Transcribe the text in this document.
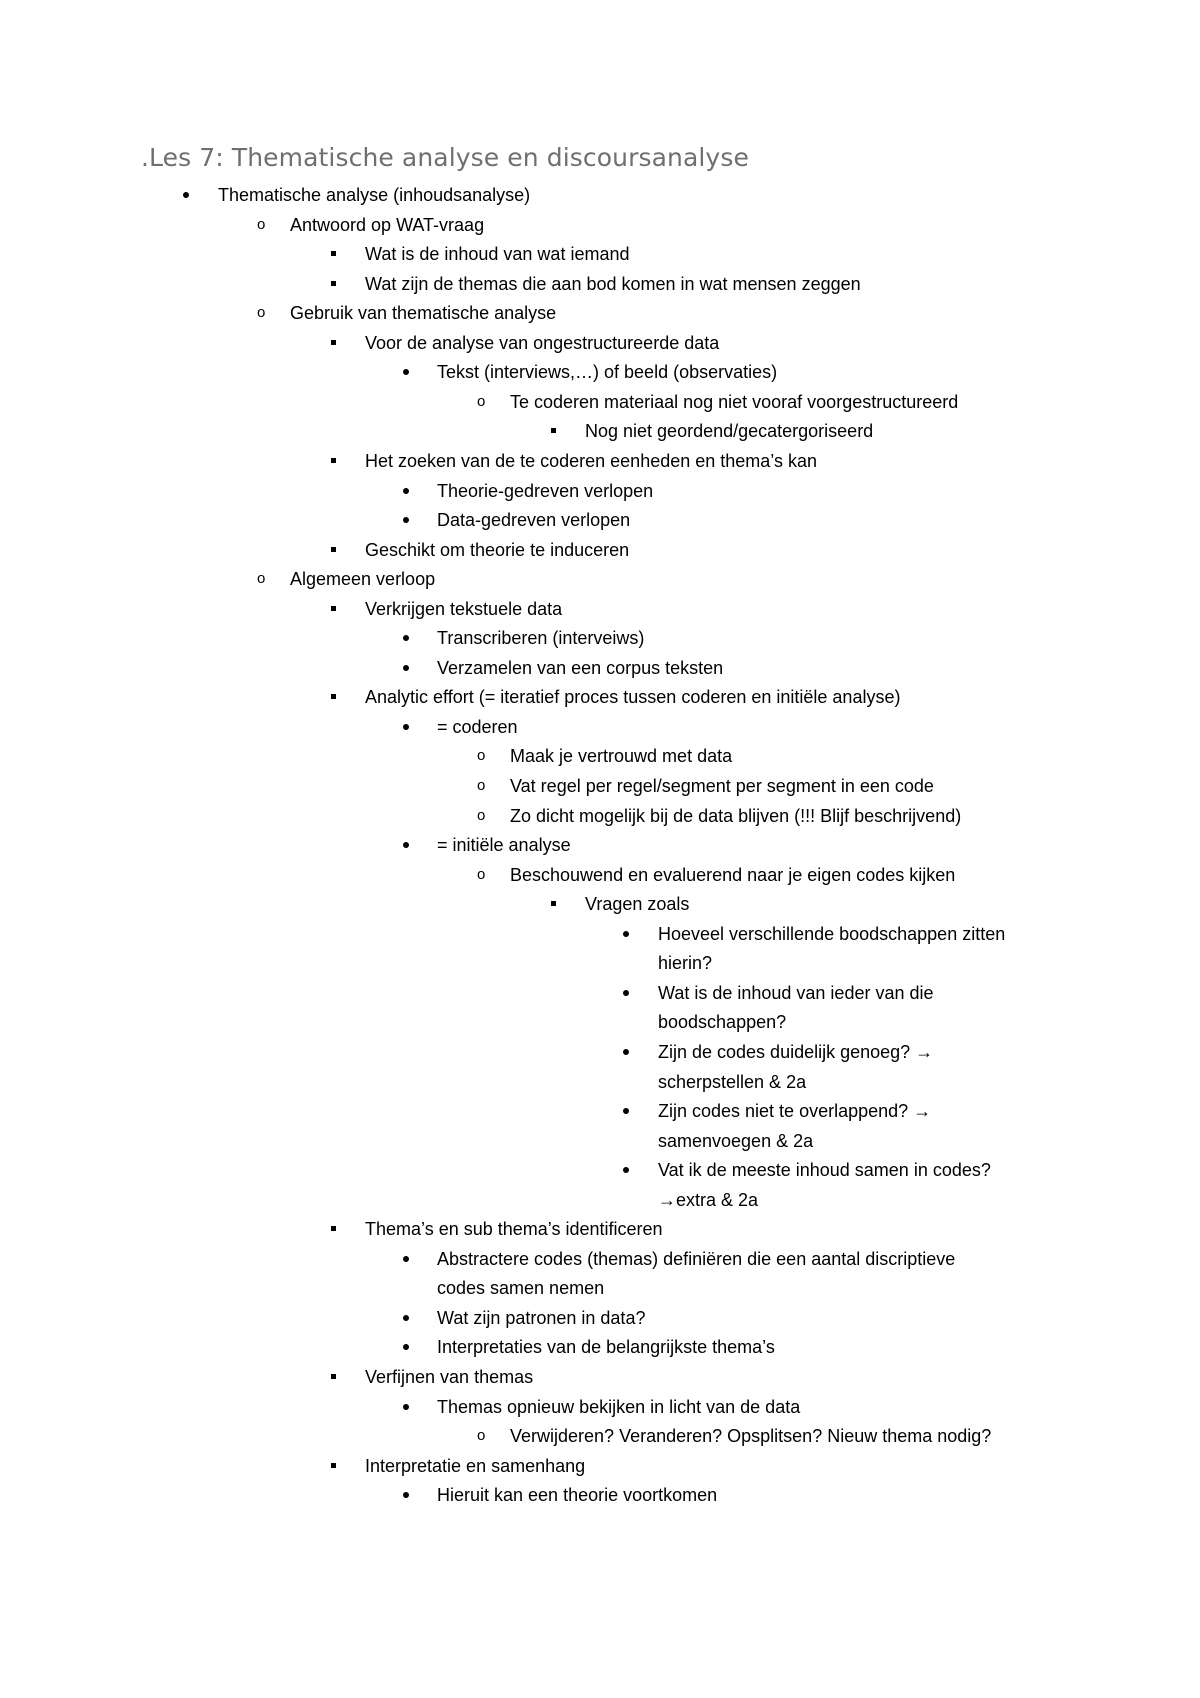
.Les 7: Thematische analyse en discoursanalyse
Thematische analyse (inhoudsanalyse)
o
Antwoord op WAT-vraag
Wat is de inhoud van wat iemand
Wat zijn de themas die aan bod komen in wat mensen zeggen
o
Gebruik van thematische analyse
Voor de analyse van ongestructureerde data
Tekst (interviews,…) of beeld (observaties)
o
Te coderen materiaal nog niet vooraf voorgestructureerd
Nog niet geordend/gecatergoriseerd
Het zoeken van de te coderen eenheden en thema’s kan
Theorie-gedreven verlopen
Data-gedreven verlopen
Geschikt om theorie te induceren
o
Algemeen verloop
Verkrijgen tekstuele data
Transcriberen (interveiws)
Verzamelen van een corpus teksten
Analytic effort (= iteratief proces tussen coderen en initiële analyse)
= coderen
o
Maak je vertrouwd met data
o
Vat regel per regel/segment per segment in een code
o
Zo dicht mogelijk bij de data blijven (!!! Blijf beschrijvend)
= initiële analyse
o
Beschouwend en evaluerend naar je eigen codes kijken
Vragen zoals
Hoeveel verschillende boodschappen zitten
hierin?
Wat is de inhoud van ieder van die
boodschappen?
Zijn de codes duidelijk genoeg? →
scherpstellen & 2a
Zijn codes niet te overlappend? →
samenvoegen & 2a
Vat ik de meeste inhoud samen in codes?
→extra & 2a
Thema’s en sub thema’s identificeren
Abstractere codes (themas) definiëren die een aantal discriptieve
codes samen nemen
Wat zijn patronen in data?
Interpretaties van de belangrijkste thema’s
Verfijnen van themas
Themas opnieuw bekijken in licht van de data
o
Verwijderen? Veranderen? Opsplitsen? Nieuw thema nodig?
Interpretatie en samenhang
Hieruit kan een theorie voortkomen
